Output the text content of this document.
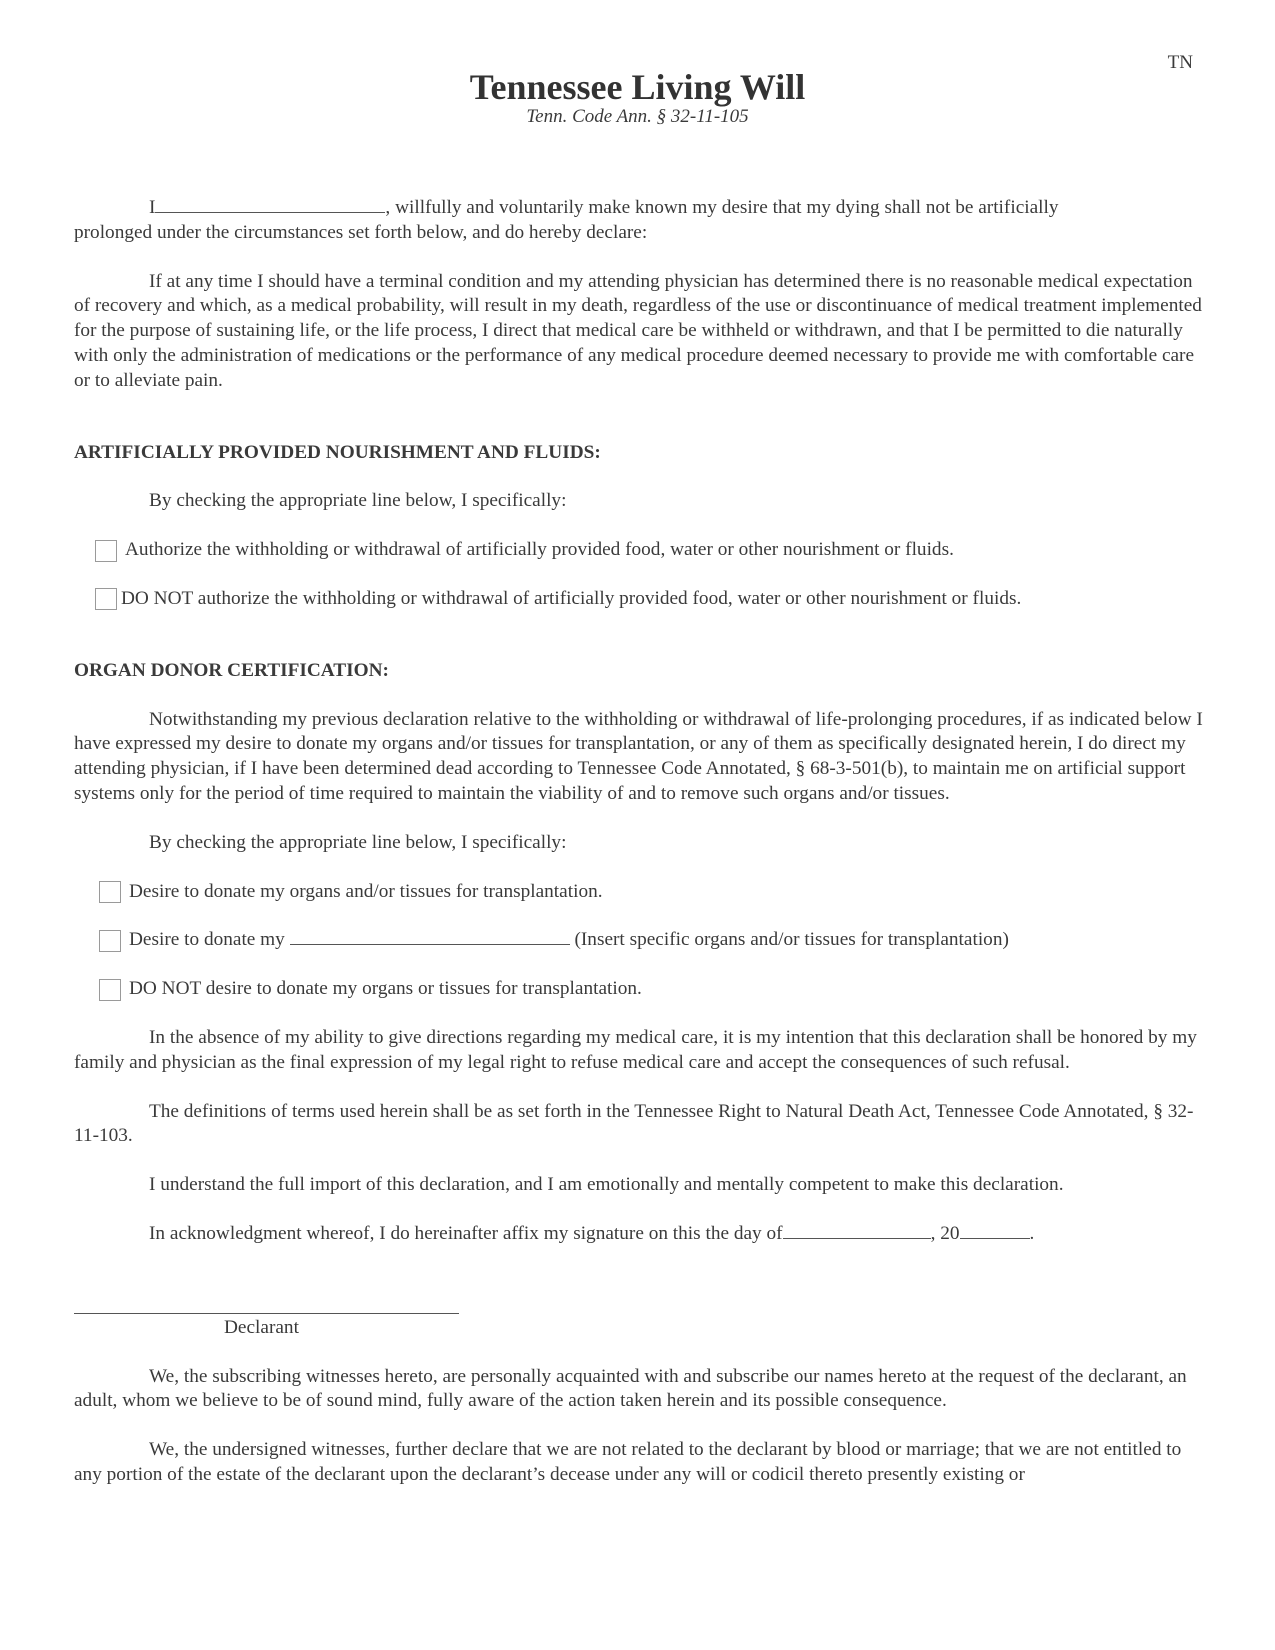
TN
Tennessee Living Will
Tenn. Code Ann. § 32-11-105

I	, willfully and voluntarily make known my desire that my dying shall not be artificially
prolonged under the circumstances set forth below, and do hereby declare:

If at any time I should have a terminal condition and my attending physician has determined there is no reasonable medical expectation of recovery and which, as a medical probability, will result in my death, regardless of the use or discontinuance of medical treatment implemented for the purpose of sustaining life, or the life process, I direct that medical care be withheld or withdrawn, and that I be permitted to die naturally with only the administration of medications or the performance of any medical procedure deemed necessary to provide me with comfortable care or to alleviate pain.

ARTIFICIALLY PROVIDED NOURISHMENT AND FLUIDS:

By checking the appropriate line below, I specifically:

Authorize the withholding or withdrawal of artificially provided food, water or other nourishment or fluids.
DO NOT authorize the withholding or withdrawal of artificially provided food, water or other nourishment or fluids.

ORGAN DONOR CERTIFICATION:

Notwithstanding my previous declaration relative to the withholding or withdrawal of life-prolonging procedures, if as indicated below I have expressed my desire to donate my organs and/or tissues for transplantation, or any of them as specifically designated herein, I do direct my attending physician, if I have been determined dead according to Tennessee Code Annotated, § 68-3-501(b), to maintain me on artificial support systems only for the period of time required to maintain the viability of and to remove such organs and/or tissues.

By checking the appropriate line below, I specifically:

Desire to donate my organs and/or tissues for transplantation.
Desire to donate my	(Insert specific organs and/or tissues for transplantation)
DO NOT desire to donate my organs or tissues for transplantation.

In the absence of my ability to give directions regarding my medical care, it is my intention that this declaration shall be honored by my family and physician as the final expression of my legal right to refuse medical care and accept the consequences of such refusal.

The definitions of terms used herein shall be as set forth in the Tennessee Right to Natural Death Act, Tennessee Code Annotated, § 32-11-103.

I understand the full import of this declaration, and I am emotionally and mentally competent to make this declaration.

In acknowledgment whereof, I do hereinafter affix my signature on this the day of	, 20	.

Declarant

We, the subscribing witnesses hereto, are personally acquainted with and subscribe our names hereto at the request of the declarant, an adult, whom we believe to be of sound mind, fully aware of the action taken herein and its possible consequence.

We, the undersigned witnesses, further declare that we are not related to the declarant by blood or marriage; that we are not entitled to any portion of the estate of the declarant upon the declarant’s decease under any will or codicil thereto presently existing or
